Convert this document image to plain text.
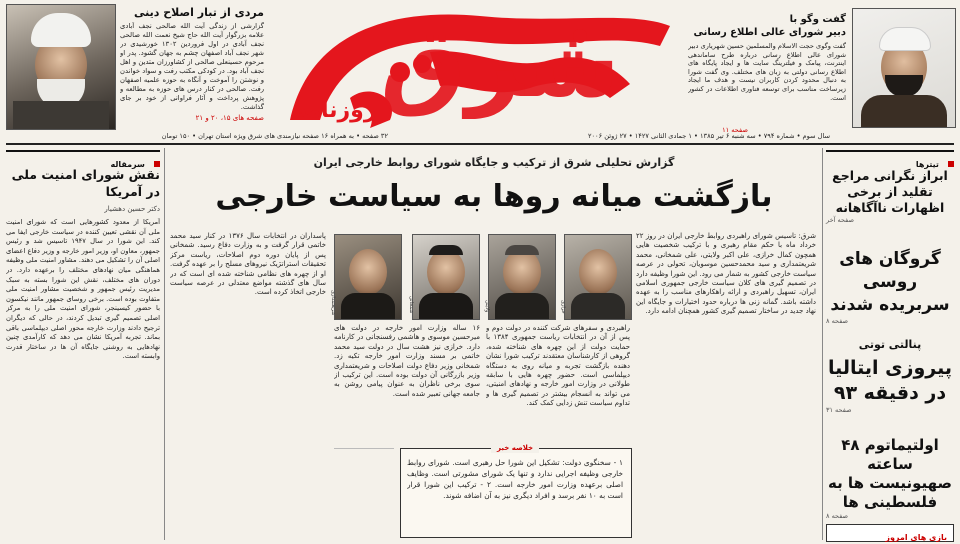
شرق
روزنامه
سال سوم • شماره ۷۹۴ • سه شنبه ۶ تیر ۱۳۸۵ • ۱ جمادی الثانی ۱۴۲۷ • ۲۷ ژوئن ۲۰۰۶
۳۲ صفحه • به همراه ۱۶ صفحه نیازمندی های شرق ویژه استان تهران • ۱۵۰ تومان
مردی از تبار اصلاح دینی
گزارشی از زندگی آیت الله صالحی نجف آبادی علامه بزرگوار آیت الله حاج شیخ نعمت الله صالحی نجف آبادی در اول فروردین ۱۳۰۲ خورشیدی در شهر نجف آباد اصفهان چشم به جهان گشود. پدر او مرحوم حسینعلی صالحی از کشاورزان متدین و اهل نجف آباد بود. در کودکی مکتب رفت و سواد خواندن و نوشتن را آموخت و آنگاه به حوزه علمیه اصفهان رفت. صالحی در کنار درس های حوزه به مطالعه و پژوهش پرداخت و آثار فراوانی از خود بر جای گذاشت.
صفحه های ۱۵، ۲۰ و ۲۱
گفت وگو با
دبیر شورای عالی اطلاع رسانی
گفت وگوی حجت الاسلام والمسلمین حسین شهریاری دبیر شورای عالی اطلاع رسانی درباره طرح ساماندهی اینترنت، پیامک و فیلترینگ سایت ها و ایجاد پایگاه های اطلاع رسانی دولتی به زبان های مختلف. وی گفت شورا به دنبال محدود کردن کاربران نیست و هدف ما ایجاد زیرساخت مناسب برای توسعه فناوری اطلاعات در کشور است.
صفحه ۱۱
تیترها
ابراز نگرانی مراجع تقلید از برخی اظهارات ناآگاهانه
صفحه آخر
گروگان های روسی سربریده شدند
صفحه ۸
پنالتی توتی
پیروزی ایتالیا در دقیقه ۹۳
صفحه ۳۱
اولتیماتوم ۴۸ ساعته صهیونیست ها به فلسطینی ها
صفحه ۸
بازی های امروز
گزارش تحلیلی شرق از ترکیب و جایگاه شورای روابط خارجی ایران
بازگشت میانه روها به سیاست خارجی
خرازی
ولایتی
شمخانی
شریعتمداری
شرق: تاسیس شورای راهبردی روابط خارجی ایران در روز ۲۲ خرداد ماه با حکم مقام رهبری و با ترکیب شخصیت هایی همچون کمال خرازی، علی اکبر ولایتی، علی شمخانی، محمد شریعتمداری و سید محمدحسین موسویان، تحولی در عرصه سیاست خارجی کشور به شمار می رود. این شورا وظیفه دارد در تصمیم گیری های کلان سیاست خارجی جمهوری اسلامی ایران، تسهیل راهبردی و ارائه راهکارهای مناسب را به عهده داشته باشد. گمانه زنی ها درباره حدود اختیارات و جایگاه این نهاد جدید در ساختار تصمیم گیری کشور همچنان ادامه دارد.
راهبردی و سفرهای شرکت کننده در دولت دوم و پس از آن در انتخابات ریاست جمهوری ۱۳۸۴ با حمایت دولت از این چهره های شناخته شده، گروهی از کارشناسان معتقدند ترکیب شورا نشان دهنده بازگشت تجربه و میانه روی به دستگاه دیپلماسی است. حضور چهره هایی با سابقه طولانی در وزارت امور خارجه و نهادهای امنیتی، می تواند به انسجام بیشتر در تصمیم گیری ها و تداوم سیاست تنش زدایی کمک کند.
۱۶ ساله وزارت امور خارجه در دولت های میرحسین موسوی و هاشمی رفسنجانی در کارنامه دارد. خرازی نیز هشت سال در دولت سید محمد خاتمی بر مسند وزارت امور خارجه تکیه زد. شمخانی وزیر دفاع دولت اصلاحات و شریعتمداری وزیر بازرگانی آن دولت بوده است. این ترکیب از سوی برخی ناظران به عنوان پیامی روشن به جامعه جهانی تعبیر شده است.
پاسداران در انتخابات سال ۱۳۷۶ در کنار سید محمد خاتمی قرار گرفت و به وزارت دفاع رسید. شمخانی پس از پایان دوره دوم اصلاحات، ریاست مرکز تحقیقات استراتژیک نیروهای مسلح را بر عهده گرفت. او از چهره های نظامی شناخته شده ای است که در سال های گذشته مواضع معتدلی در عرصه سیاست خارجی اتخاذ کرده است.
خلاصه خبر
۱ - سخنگوی دولت: تشکیل این شورا حل رهبری است. شورای روابط خارجی وظیفه اجرایی ندارد و تنها یک شورای مشورتی است. وظایف اصلی برعهده وزارت امور خارجه است. ۲ - ترکیب این شورا قرار است به ۱۰ نفر برسد و افراد دیگری نیز به آن اضافه شوند.
سرمقاله
نقش شورای امنیت ملی در آمریکا
دکتر حسین دهشیار
آمریکا از معدود کشورهایی است که شورای امنیت ملی آن نقشی تعیین کننده در سیاست خارجی ایفا می کند. این شورا در سال ۱۹۴۷ تاسیس شد و رئیس جمهور، معاون او، وزیر امور خارجه و وزیر دفاع اعضای اصلی آن را تشکیل می دهند. مشاور امنیت ملی وظیفه هماهنگی میان نهادهای مختلف را برعهده دارد. در دوران های مختلف، نقش این شورا بسته به سبک مدیریت رئیس جمهور و شخصیت مشاور امنیت ملی متفاوت بوده است. برخی روسای جمهور مانند نیکسون با حضور کیسینجر، شورای امنیت ملی را به مرکز اصلی تصمیم گیری تبدیل کردند، در حالی که دیگران ترجیح دادند وزارت خارجه محور اصلی دیپلماسی باقی بماند. تجربه آمریکا نشان می دهد که کارآمدی چنین نهادهایی به روشنی جایگاه آن ها در ساختار قدرت وابسته است.
